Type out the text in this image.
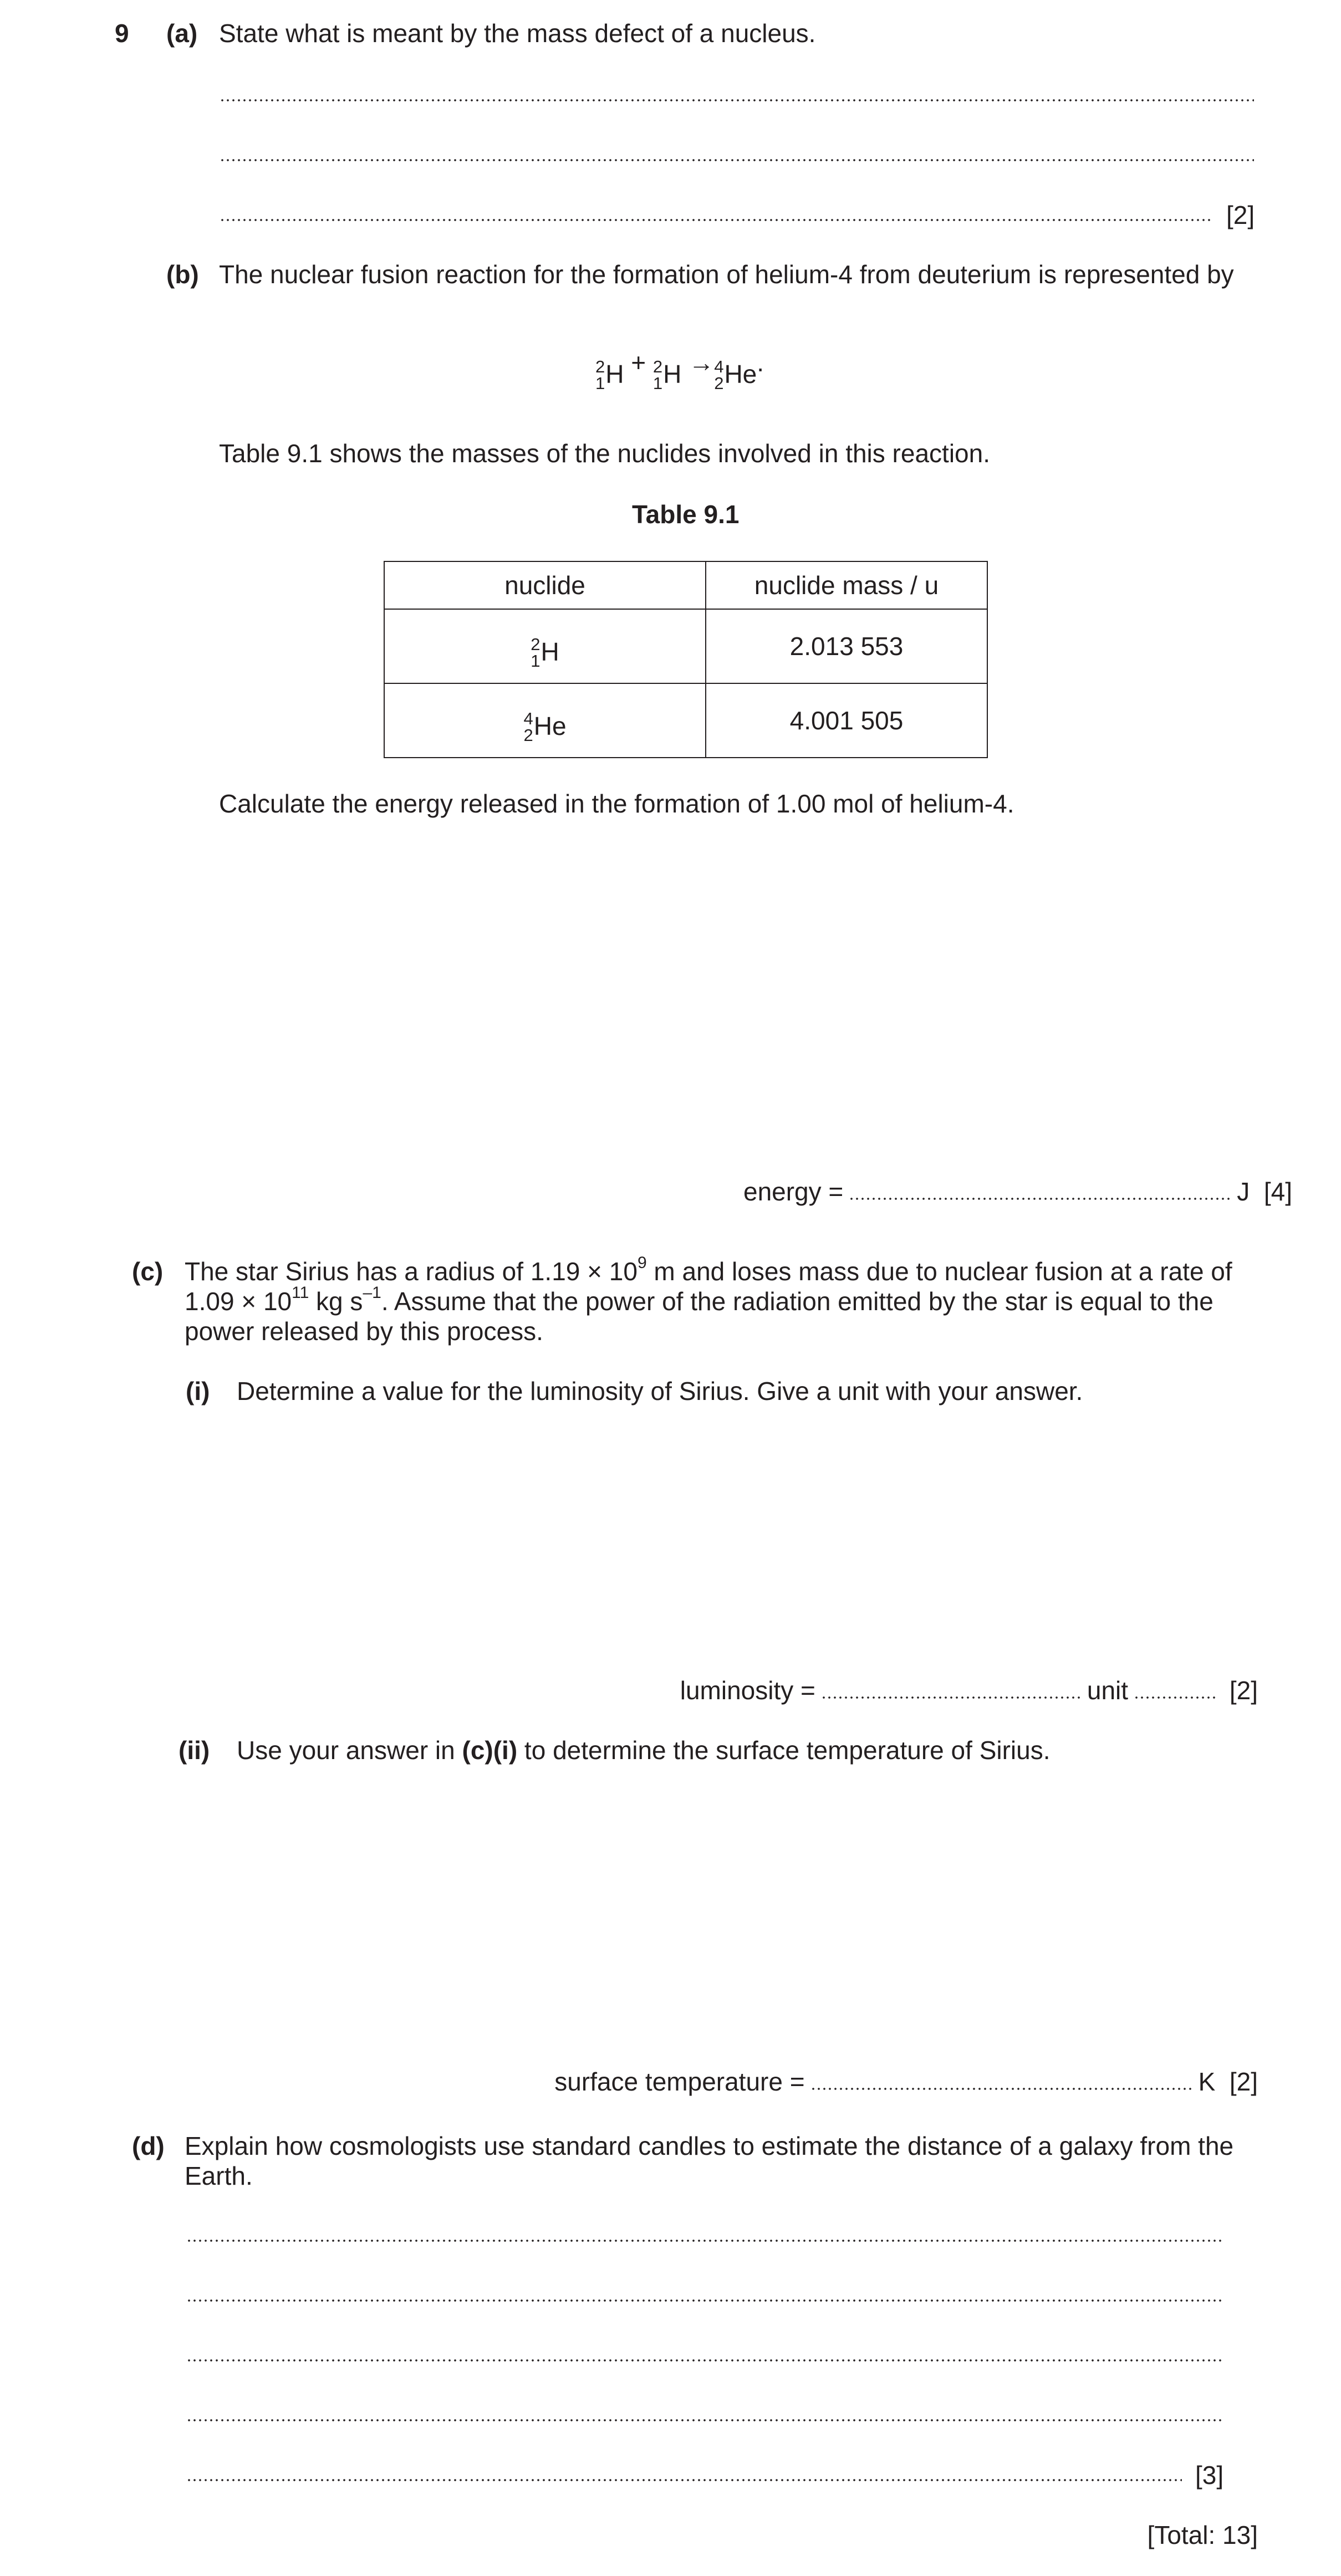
9 (a) State what is meant by the mass defect of a nucleus.
[2]
(b) The nuclear fusion reaction for the formation of helium-4 from deuterium is represented by
2
1 H + 2
1 H → 4
2 He .
Table 9.1 shows the masses of the nuclides involved in this reaction.
Table 9.1
nuclide	nuclide mass / u

2
1 H	2.013 553

4
2 He	4.001 505
Calculate the energy released in the formation of 1.00 mol of helium-4.
energy =	J [4]
(c) The star Sirius has a radius of $1.19 \times 10^9$ m and loses mass due to nuclear fusion at a rate of
$1.09 \times 10^{11}$ kg $s^{-1}$. Assume that the power of the radiation emitted by the star is equal to the
power released by this process.
(i) Determine a value for the luminosity of Sirius. Give a unit with your answer.
luminosity =	unit	[2]
(ii) Use your answer in (c)(i) to determine the surface temperature of Sirius.
surface temperature =	K [2]
(d) Explain how cosmologists use standard candles to estimate the distance of a galaxy from the
Earth.
[3]
[Total: 13]
